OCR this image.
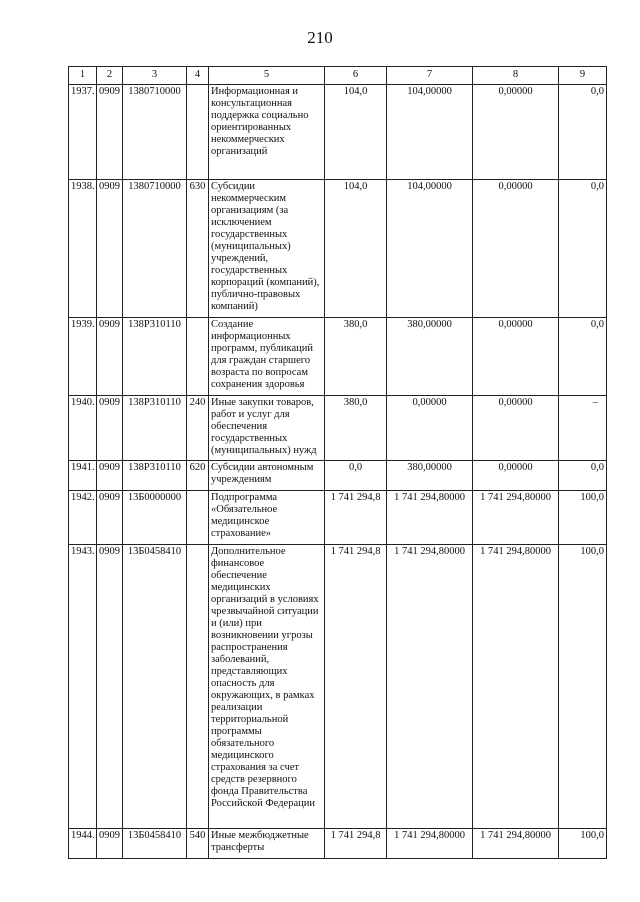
210
1	2	3	4	5	6	7	8	9
1937.	0909	1380710000		Информационная и консультационная поддержка социально ориентированных некоммерческих организаций	104,0	104,00000	0,00000	0,0
1938.	0909	1380710000	630	Субсидии некоммерческим организациям (за исключением государственных (муниципальных) учреждений, государственных корпораций (компаний), публично-правовых компаний)	104,0	104,00000	0,00000	0,0
1939.	0909	138P310110		Создание информационных программ, публикаций для граждан старшего возраста по вопросам сохранения здоровья	380,0	380,00000	0,00000	0,0
1940.	0909	138P310110	240	Иные закупки товаров, работ и услуг для обеспечения государственных (муниципальных) нужд	380,0	0,00000	0,00000	–
1941.	0909	138P310110	620	Субсидии автономным учреждениям	0,0	380,00000	0,00000	0,0
1942.	0909	13Б0000000		Подпрограмма «Обязательное медицинское страхование»	1 741 294,8	1 741 294,80000	1 741 294,80000	100,0
1943.	0909	13Б0458410		Дополнительное финансовое обеспечение медицинских организаций в условиях чрезвычайной ситуации и (или) при возникновении угрозы распространения заболеваний, представляющих опасность для окружающих, в рамках реализации территориальной программы обязательного медицинского страхования за счет средств резервного фонда Правительства Российской Федерации	1 741 294,8	1 741 294,80000	1 741 294,80000	100,0
1944.	0909	13Б0458410	540	Иные межбюджетные трансферты	1 741 294,8	1 741 294,80000	1 741 294,80000	100,0
